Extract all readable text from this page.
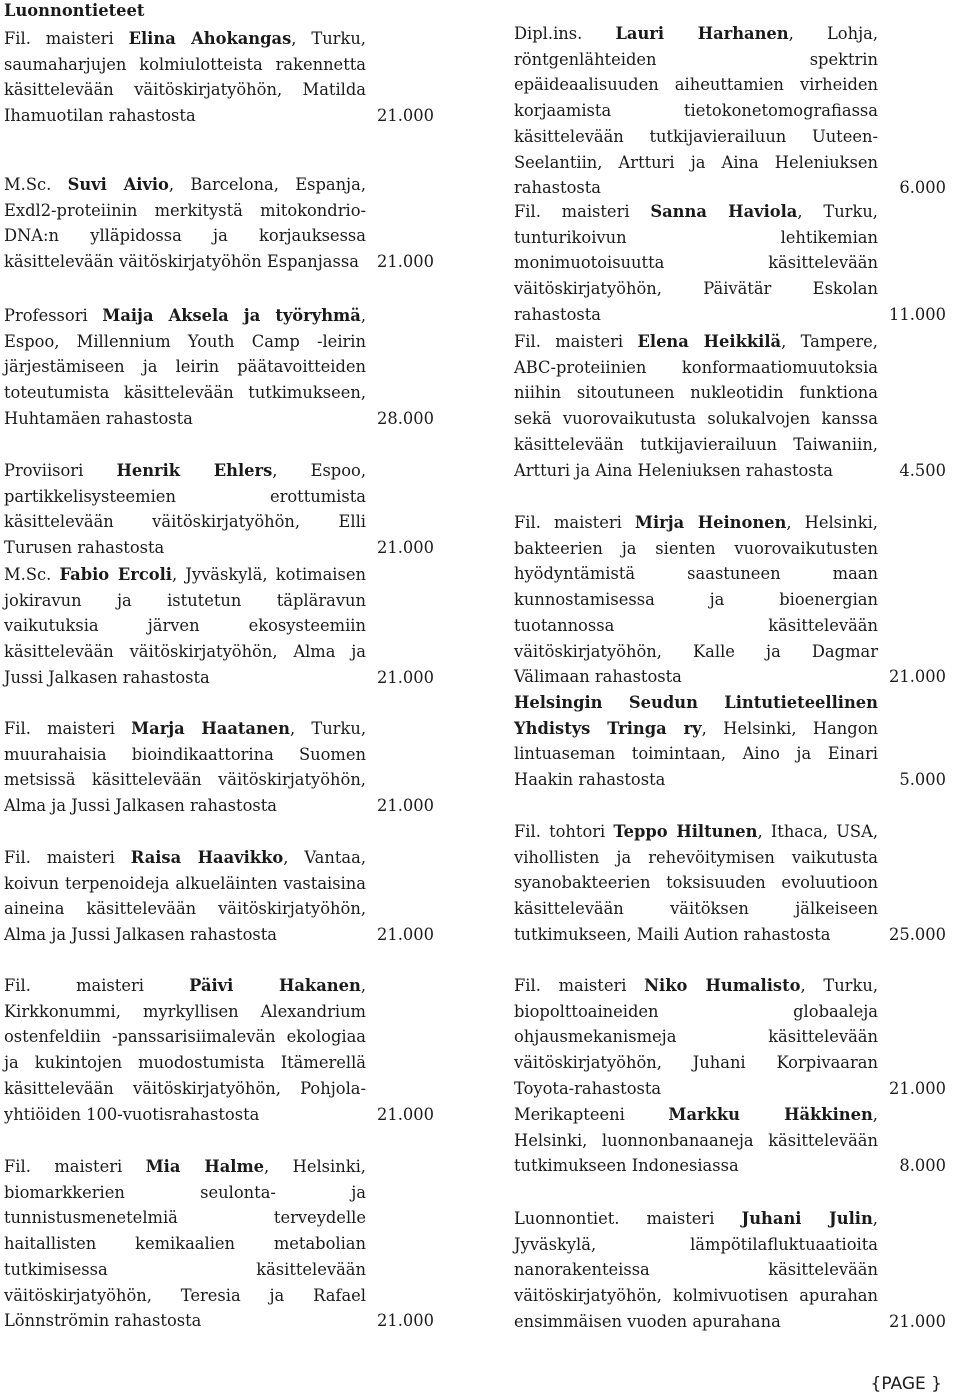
Luonnontieteet
Fil. maisteri Elina Ahokangas, Turku, saumaharjujen kolmiulotteista rakennetta käsittelevään väitöskirjatyöhön, Matilda Ihamuotilan rahastosta	21.000
M.Sc. Suvi Aivio, Barcelona, Espanja, Exdl2-proteiinin merkitystä mitokondrio-DNA:n ylläpidossa ja korjauksessa käsittelevään väitöskirjatyöhön Espanjassa	21.000
Professori Maija Aksela ja työryhmä, Espoo, Millennium Youth Camp -leirin järjestämiseen ja leirin päätavoitteiden toteutumista käsittelevään tutkimukseen, Huhtamäen rahastosta	28.000
Proviisori Henrik Ehlers, Espoo, partikkelisysteemien erottumista käsittelevään väitöskirjatyöhön, Elli Turusen rahastosta	21.000
M.Sc. Fabio Ercoli, Jyväskylä, kotimaisen jokiravun ja istutetun täpläravun vaikutuksia järven ekosysteemiin käsittelevään väitöskirjatyöhön, Alma ja Jussi Jalkasen rahastosta	21.000
Fil. maisteri Marja Haatanen, Turku, muurahaisia bioindikaattorina Suomen metsissä käsittelevään väitöskirjatyöhön, Alma ja Jussi Jalkasen rahastosta	21.000
Fil. maisteri Raisa Haavikko, Vantaa, koivun terpenoideja alkueläinten vastaisina aineina käsittelevään väitöskirjatyöhön, Alma ja Jussi Jalkasen rahastosta	21.000
Fil. maisteri Päivi Hakanen, Kirkkonummi, myrkyllisen Alexandrium ostenfeldiin -panssarisiimalevän ekologiaa ja kukintojen muodostumista Itämerellä käsittelevään väitöskirjatyöhön, Pohjola-yhtiöiden 100-vuotisrahastosta	21.000
Fil. maisteri Mia Halme, Helsinki, biomarkkerien seulonta- ja tunnistusmenetelmiä terveydelle haitallisten kemikaalien metabolian tutkimisessa käsittelevään väitöskirjatyöhön, Teresia ja Rafael Lönnströmin rahastosta	21.000
Dipl.ins. Lauri Harhanen, Lohja, röntgenlähteiden spektrin epäideaalisuuden aiheuttamien virheiden korjaamista tietokonetomografiassa käsittelevään tutkijavierailuun Uuteen-Seelantiin, Artturi ja Aina Heleniuksen rahastosta	6.000
Fil. maisteri Sanna Haviola, Turku, tunturikoivun lehtikemian monimuotoisuutta käsittelevään väitöskirjatyöhön, Päivätär Eskolan rahastosta	11.000
Fil. maisteri Elena Heikkilä, Tampere, ABC-proteiinien konformaatiomuutoksia niihin sitoutuneen nukleotidin funktiona sekä vuorovaikutusta solukalvojen kanssa käsittelevään tutkijavierailuun Taiwaniin, Artturi ja Aina Heleniuksen rahastosta	4.500
Fil. maisteri Mirja Heinonen, Helsinki, bakteerien ja sienten vuorovaikutusten hyödyntämistä saastuneen maan kunnostamisessa ja bioenergian tuotannossa käsittelevään väitöskirjatyöhön, Kalle ja Dagmar Välimaan rahastosta	21.000
Helsingin Seudun Lintutieteellinen Yhdistys Tringa ry, Helsinki, Hangon lintuaseman toimintaan, Aino ja Einari Haakin rahastosta	5.000
Fil. tohtori Teppo Hiltunen, Ithaca, USA, vihollisten ja rehevöitymisen vaikutusta syanobakteerien toksisuuden evoluutioon käsittelevään väitöksen jälkeiseen tutkimukseen, Maili Aution rahastosta	25.000
Fil. maisteri Niko Humalisto, Turku, biopolttoaineiden globaaleja ohjausmekanismeja käsittelevään väitöskirjatyöhön, Juhani Korpivaaran Toyota-rahastosta	21.000
Merikapteeni Markku Häkkinen, Helsinki, luonnonbanaaneja käsittelevään tutkimukseen Indonesiassa	8.000
Luonnontiet. maisteri Juhani Julin, Jyväskylä, lämpötilafluktuaatioita nanorakenteissa käsittelevään väitöskirjatyöhön, kolmivuotisen apurahan ensimmäisen vuoden apurahana	21.000
{PAGE }
